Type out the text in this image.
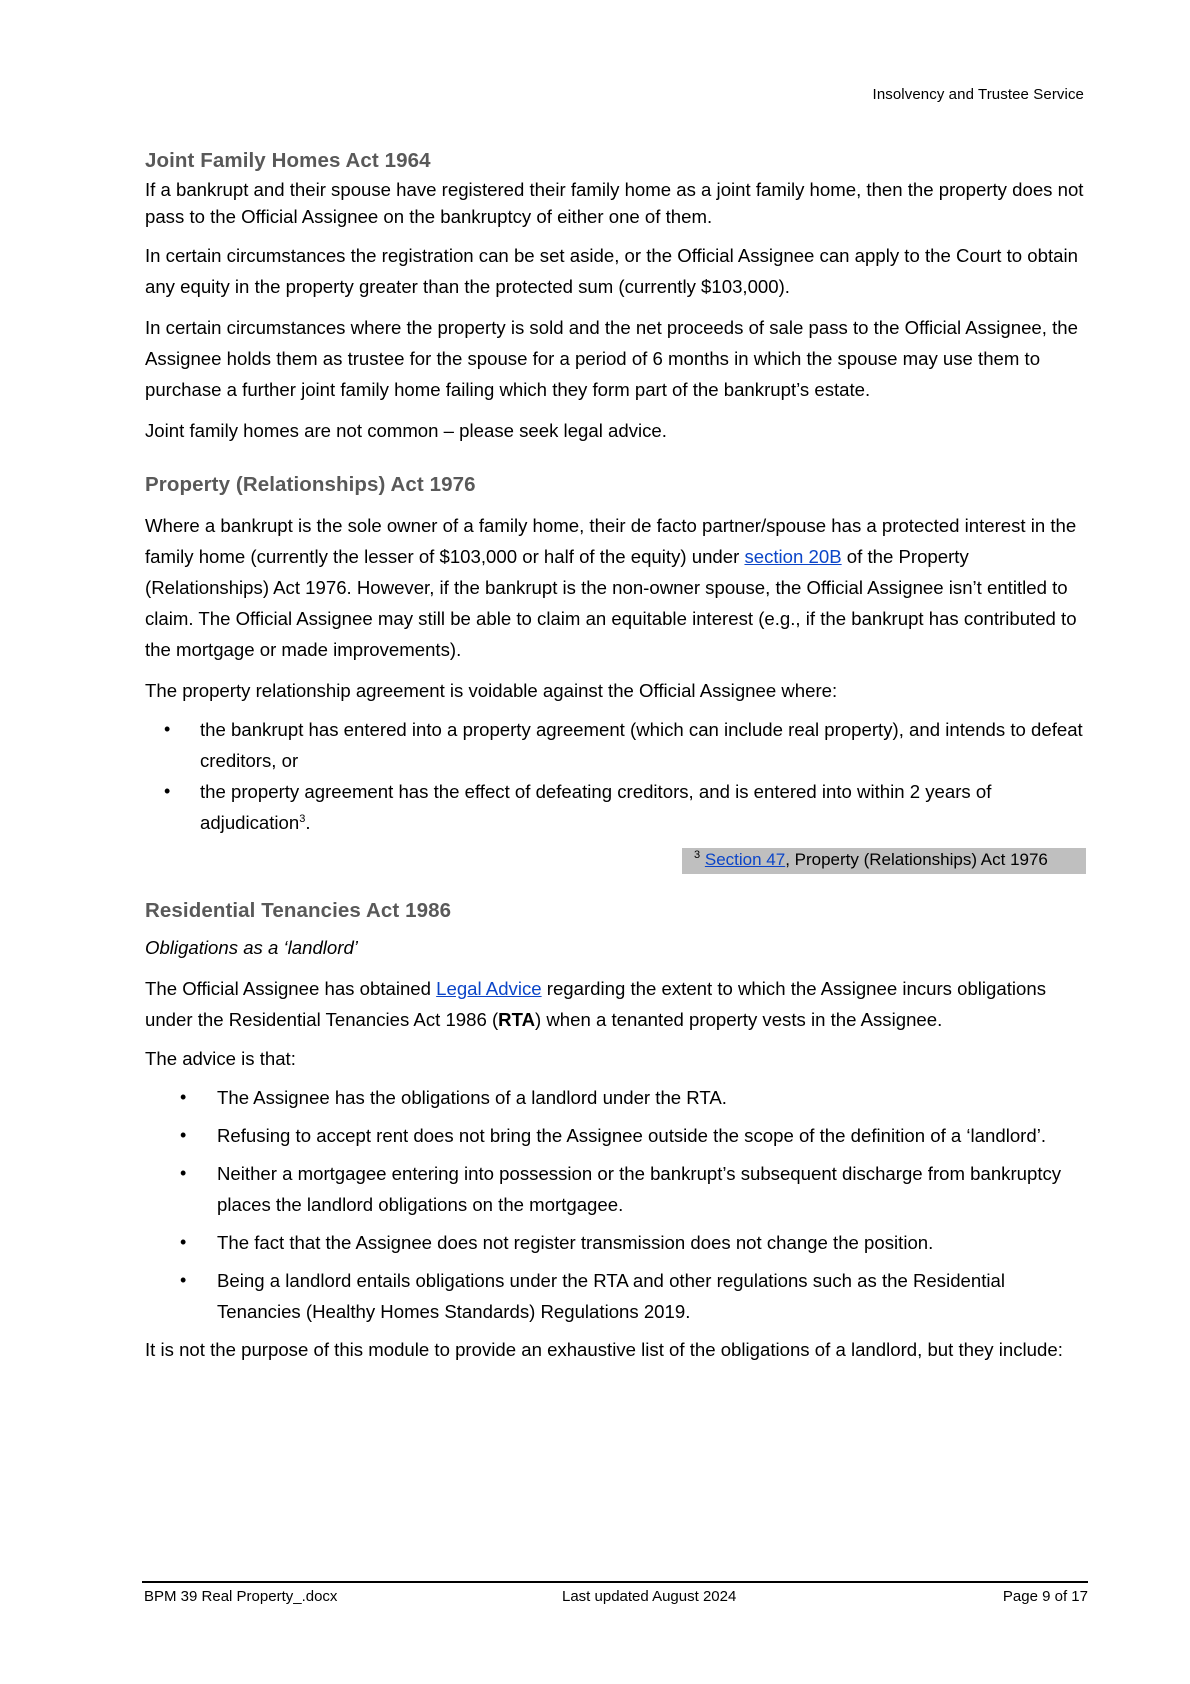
Insolvency and Trustee Service
Joint Family Homes Act 1964

If a bankrupt and their spouse have registered their family home as a joint family home, then the property does not pass to the Official Assignee on the bankruptcy of either one of them.

In certain circumstances the registration can be set aside, or the Official Assignee can apply to the Court to obtain any equity in the property greater than the protected sum (currently $103,000).

In certain circumstances where the property is sold and the net proceeds of sale pass to the Official Assignee, the Assignee holds them as trustee for the spouse for a period of 6 months in which the spouse may use them to purchase a further joint family home failing which they form part of the bankrupt’s estate.

Joint family homes are not common – please seek legal advice.

Property (Relationships) Act 1976

Where a bankrupt is the sole owner of a family home, their de facto partner/spouse has a protected interest in the family home (currently the lesser of $103,000 or half of the equity) under section 20B of the Property (Relationships) Act 1976. However, if the bankrupt is the non-owner spouse, the Official Assignee isn’t entitled to claim. The Official Assignee may still be able to claim an equitable interest (e.g., if the bankrupt has contributed to the mortgage or made improvements).

The property relationship agreement is voidable against the Official Assignee where:

• the bankrupt has entered into a property agreement (which can include real property), and intends to defeat creditors, or
• the property agreement has the effect of defeating creditors, and is entered into within 2 years of adjudication$^3$.
$^3$ Section 47, Property (Relationships) Act 1976
Residential Tenancies Act 1986

Obligations as a ‘landlord’

The Official Assignee has obtained Legal Advice regarding the extent to which the Assignee incurs obligations under the Residential Tenancies Act 1986 (RTA) when a tenanted property vests in the Assignee.

The advice is that:

• The Assignee has the obligations of a landlord under the RTA.
• Refusing to accept rent does not bring the Assignee outside the scope of the definition of a ‘landlord’.
• Neither a mortgagee entering into possession or the bankrupt’s subsequent discharge from bankruptcy places the landlord obligations on the mortgagee.
• The fact that the Assignee does not register transmission does not change the position.
• Being a landlord entails obligations under the RTA and other regulations such as the Residential Tenancies (Healthy Homes Standards) Regulations 2019.

It is not the purpose of this module to provide an exhaustive list of the obligations of a landlord, but they include:

BPM 39 Real Property_.docx	Last updated August 2024	Page 9 of 17
